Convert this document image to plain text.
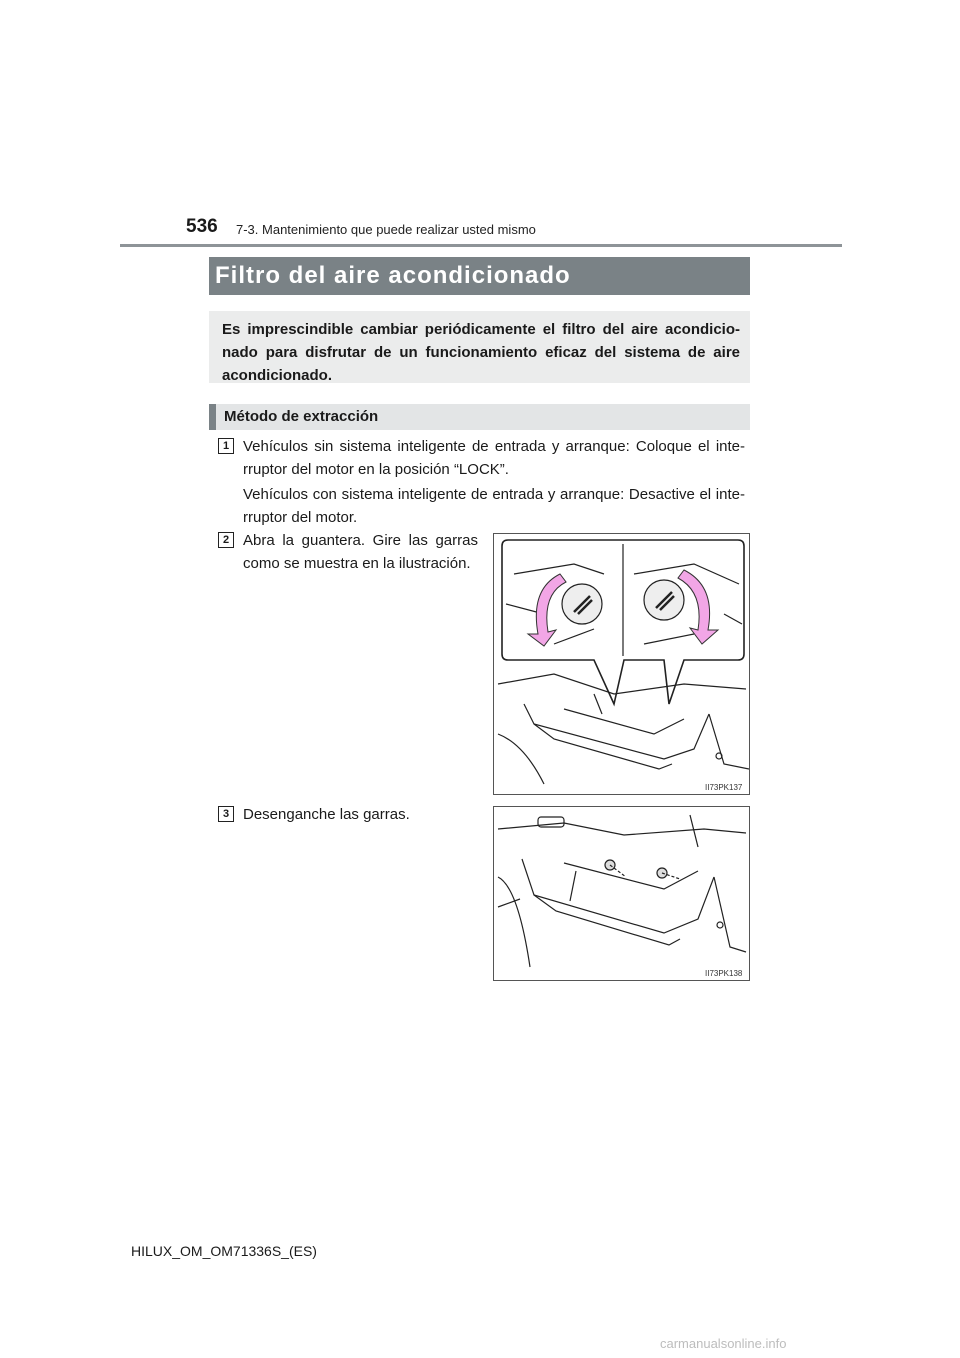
536 7-3. Mantenimiento que puede realizar usted mismo
Filtro del aire acondicionado
Es imprescindible cambiar periódicamente el filtro del aire acondicio-nado para disfrutar de un funcionamiento eficaz del sistema de aire acondicionado.
Método de extracción
1 Vehículos sin sistema inteligente de entrada y arranque: Coloque el inte-rruptor del motor en la posición “LOCK”.
Vehículos con sistema inteligente de entrada y arranque: Desactive el inte-rruptor del motor.
2 Abra la guantera. Gire las garras como se muestra en la ilustración.
II73PK137
3 Desenganche las garras.
II73PK138
HILUX_OM_OM71336S_(ES)
carmanualsonline.info
